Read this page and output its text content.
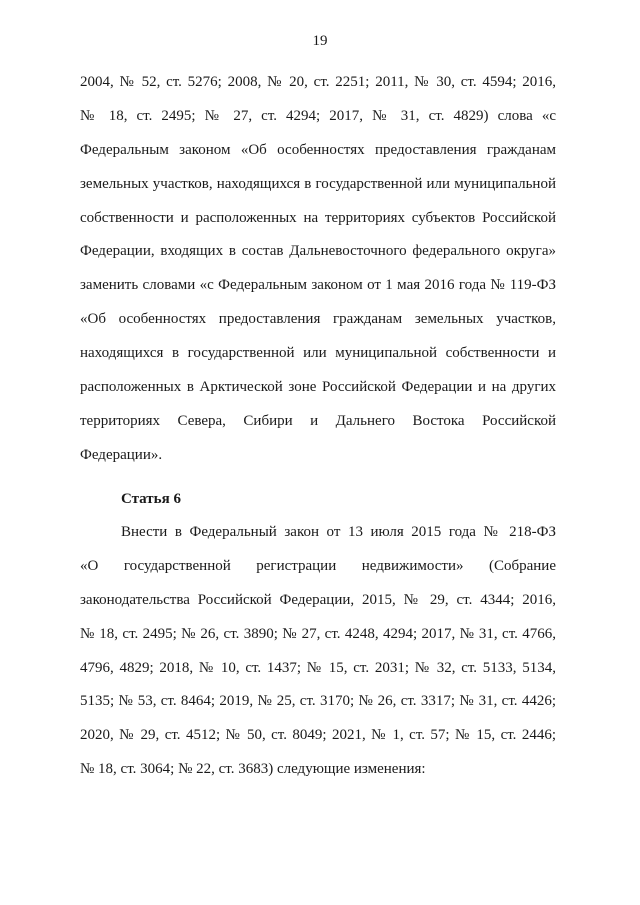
19
2004, № 52, ст. 5276; 2008, № 20, ст. 2251; 2011, № 30, ст. 4594; 2016,
№ 18, ст. 2495; № 27, ст. 4294; 2017, № 31, ст. 4829) слова «с
Федеральным законом «Об особенностях предоставления гражданам
земельных участков, находящихся в государственной или муниципальной
собственности и расположенных на территориях субъектов Российской
Федерации, входящих в состав Дальневосточного федерального округа»
заменить словами «с Федеральным законом от 1 мая 2016 года № 119-ФЗ
«Об особенностях предоставления гражданам земельных участков,
находящихся в государственной или муниципальной собственности и
расположенных в Арктической зоне Российской Федерации и на других
территориях Севера, Сибири и Дальнего Востока Российской
Федерации».
Статья 6
Внести в Федеральный закон от 13 июля 2015 года № 218-ФЗ
«О государственной регистрации недвижимости» (Собрание
законодательства Российской Федерации, 2015, № 29, ст. 4344; 2016,
№ 18, ст. 2495; № 26, ст. 3890; № 27, ст. 4248, 4294; 2017, № 31, ст. 4766,
4796, 4829; 2018, № 10, ст. 1437; № 15, ст. 2031; № 32, ст. 5133, 5134,
5135; № 53, ст. 8464; 2019, № 25, ст. 3170; № 26, ст. 3317; № 31, ст. 4426;
2020, № 29, ст. 4512; № 50, ст. 8049; 2021, № 1, ст. 57; № 15, ст. 2446;
№ 18, ст. 3064; № 22, ст. 3683) следующие изменения:
